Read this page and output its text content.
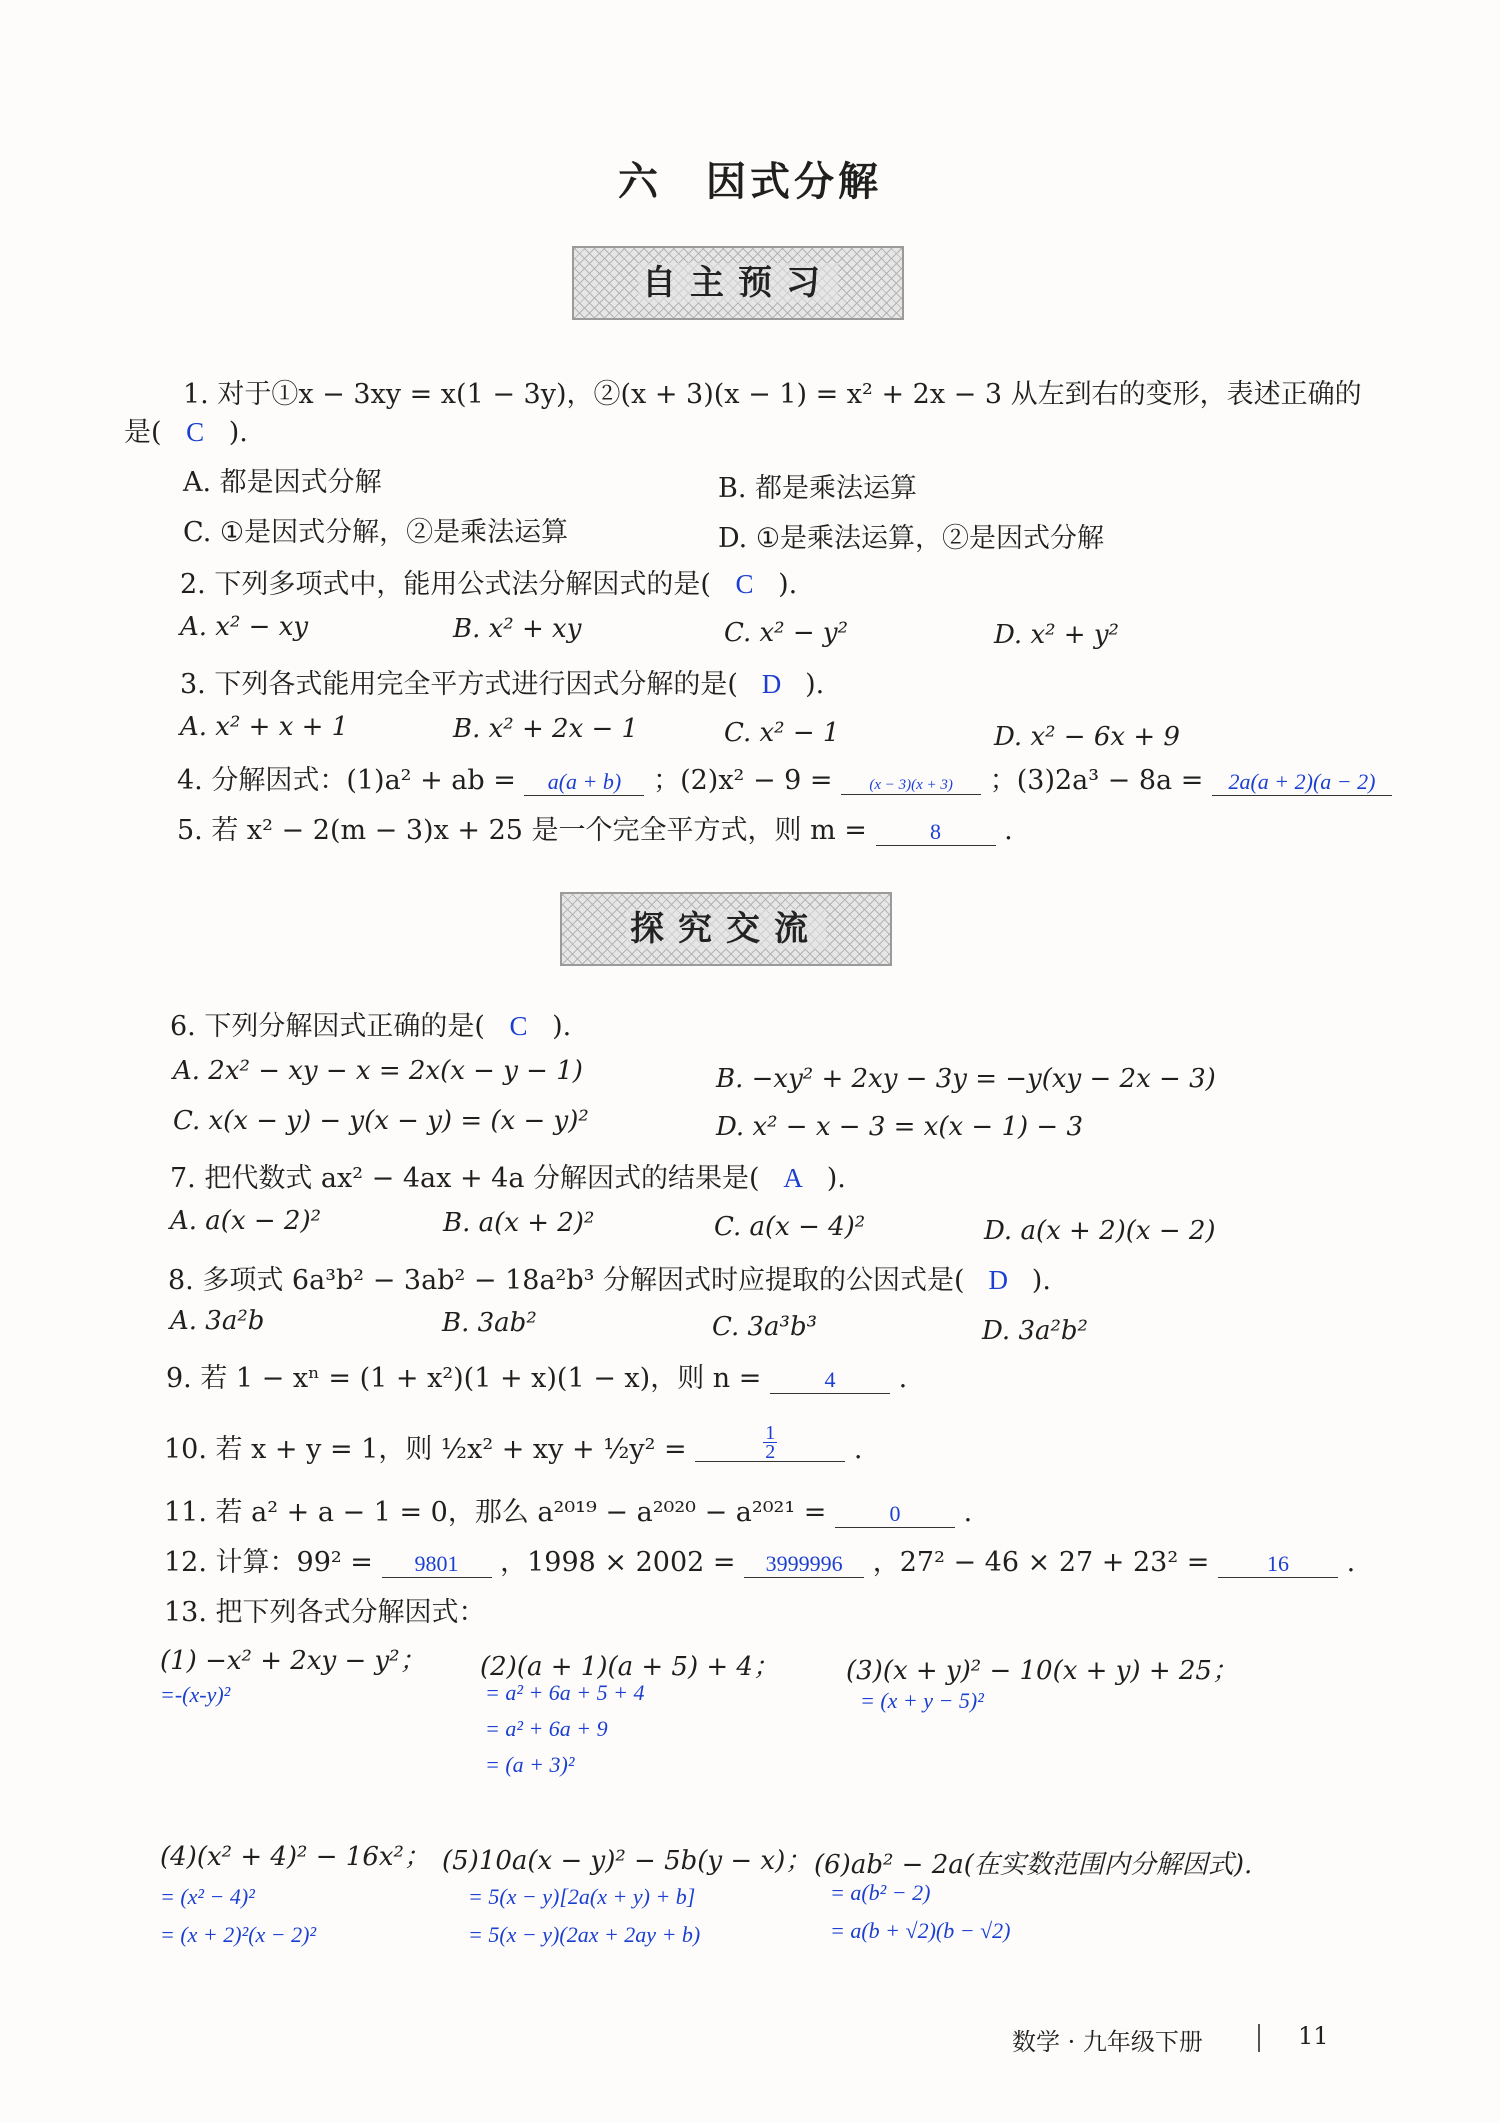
六　因式分解
自主预习
1. 对于①x − 3xy = x(1 − 3y)，②(x + 3)(x − 1) = x² + 2x − 3 从左到右的变形，表述正确的
是( C ).
A. 都是因式分解	B. 都是乘法运算
C. ①是因式分解，②是乘法运算	D. ①是乘法运算，②是因式分解
2. 下列多项式中，能用公式法分解因式的是( C ).
A. x² − xy	B. x² + xy	C. x² − y²	D. x² + y²
3. 下列各式能用完全平方式进行因式分解的是( D ).
A. x² + x + 1	B. x² + 2x − 1	C. x² − 1	D. x² − 6x + 9
4. 分解因式：(1)a² + ab = a(a + b) ；(2)x² − 9 = (x − 3)(x + 3) ；(3)2a³ − 8a = 2a(a + 2)(a − 2)
5. 若 x² − 2(m − 3)x + 25 是一个完全平方式，则 m =	8 .
探究交流
6. 下列分解因式正确的是( C ).
A. 2x² − xy − x = 2x(x − y − 1)	B. −xy² + 2xy − 3y = −y(xy − 2x − 3)
C. x(x − y) − y(x − y) = (x − y)²	D. x² − x − 3 = x(x − 1) − 3
7. 把代数式 ax² − 4ax + 4a 分解因式的结果是( A ).
A. a(x − 2)²	B. a(x + 2)²	C. a(x − 4)²	D. a(x + 2)(x − 2)
8. 多项式 6a³b² − 3ab² − 18a²b³ 分解因式时应提取的公因式是( D ).
A. 3a²b	B. 3ab²	C. 3a³b³	D. 3a²b²
9. 若 1 − xⁿ = (1 + x²)(1 + x)(1 − x)，则 n =	4 .
10. 若 x + y = 1，则 ½x² + xy + ½y² = $\frac{1}{2}$ .
11. 若 a² + a − 1 = 0，那么 a²⁰¹⁹ − a²⁰²⁰ − a²⁰²¹ =	0 .
12. 计算：99² = 9801 ，1998 × 2002 = 3999996 ，27² − 46 × 27 + 23² =	16 .
13. 把下列各式分解因式：
(1) −x² + 2xy − y²；
=-(x-y)²
(2)(a + 1)(a + 5) + 4；
= a² + 6a + 5 + 4
= a² + 6a + 9
= (a + 3)²
(3)(x + y)² − 10(x + y) + 25；
= (x + y − 5)²
(4)(x² + 4)² − 16x²；
= (x² − 4)²
= (x + 2)²(x − 2)²
(5)10a(x − y)² − 5b(y − x)；
= 5(x − y)[2a(x + y) + b]
= 5(x − y)(2ax + 2ay + b)
(6)ab² − 2a(在实数范围内分解因式).
= a(b² − 2)
= a(b + √2)(b − √2)
数学 · 九年级下册	11
